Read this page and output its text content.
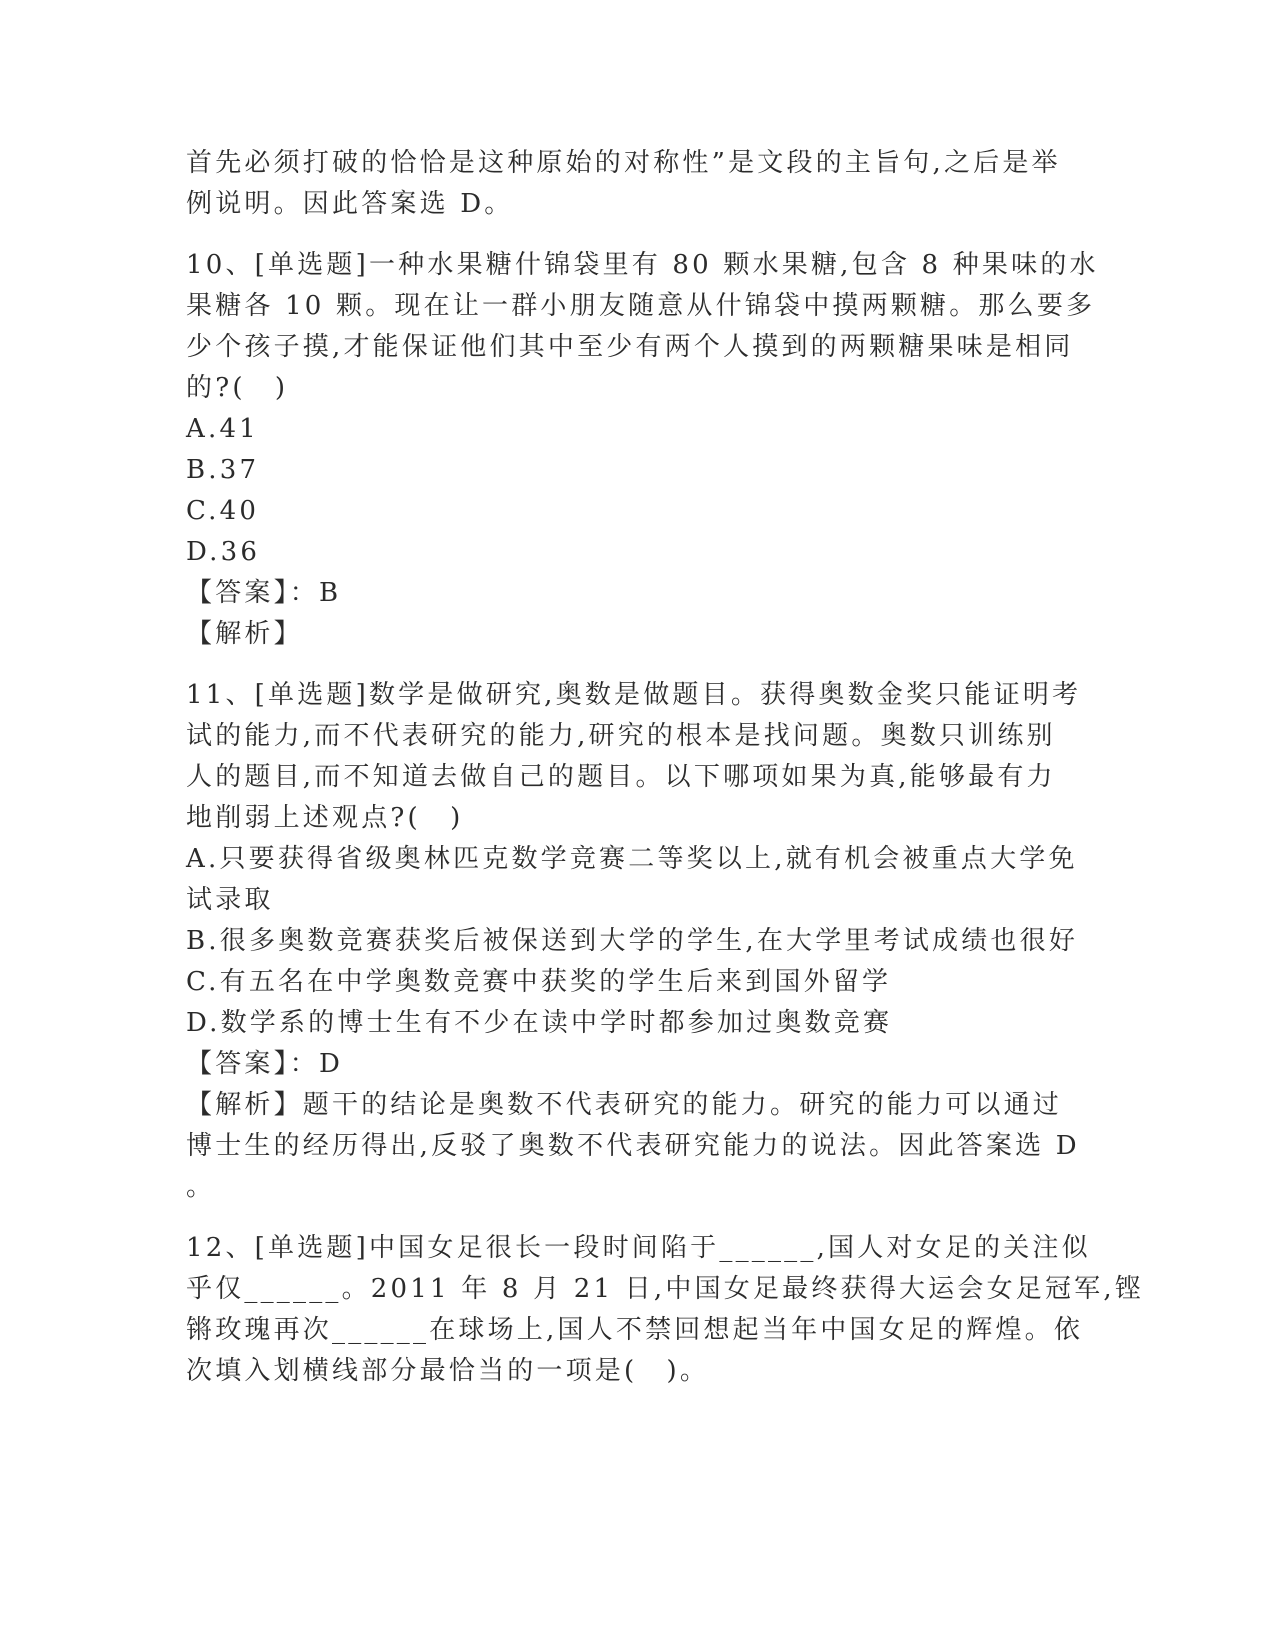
首先必须打破的恰恰是这种原始的对称性”是文段的主旨句,之后是举
例说明。因此答案选 D。
10、[单选题]一种水果糖什锦袋里有 80 颗水果糖,包含 8 种果味的水
果糖各 10 颗。现在让一群小朋友随意从什锦袋中摸两颗糖。那么要多
少个孩子摸,才能保证他们其中至少有两个人摸到的两颗糖果味是相同
的?(　)
A.41
B.37
C.40
D.36
【答案】：B
【解析】
11、[单选题]数学是做研究,奥数是做题目。获得奥数金奖只能证明考
试的能力,而不代表研究的能力,研究的根本是找问题。奥数只训练别
人的题目,而不知道去做自己的题目。以下哪项如果为真,能够最有力
地削弱上述观点?(　)
A.只要获得省级奥林匹克数学竞赛二等奖以上,就有机会被重点大学免
试录取
B.很多奥数竞赛获奖后被保送到大学的学生,在大学里考试成绩也很好
C.有五名在中学奥数竞赛中获奖的学生后来到国外留学
D.数学系的博士生有不少在读中学时都参加过奥数竞赛
【答案】：D
【解析】题干的结论是奥数不代表研究的能力。研究的能力可以通过
博士生的经历得出,反驳了奥数不代表研究能力的说法。因此答案选 D
。
12、[单选题]中国女足很长一段时间陷于______,国人对女足的关注似
乎仅______。2011 年 8 月 21 日,中国女足最终获得大运会女足冠军,铿
锵玫瑰再次______在球场上,国人不禁回想起当年中国女足的辉煌。依
次填入划横线部分最恰当的一项是(　)。
